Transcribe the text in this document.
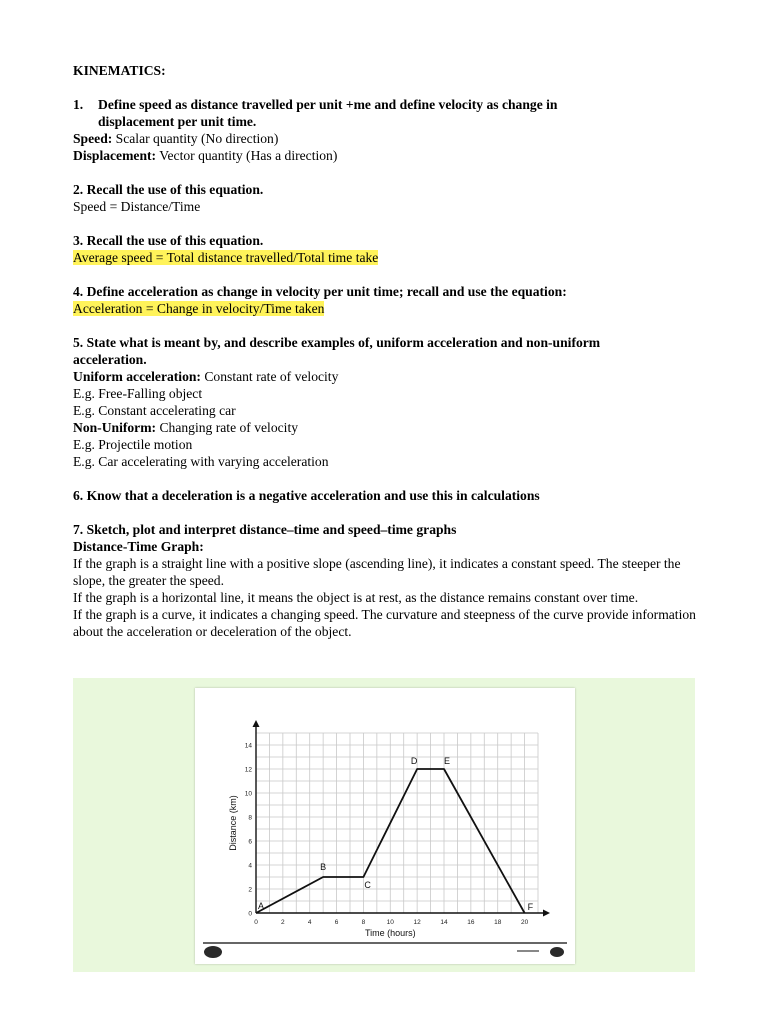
KINEMATICS:
1. Define speed as distance travelled per unit +me and define velocity as change in
displacement per unit time.
Speed: Scalar quantity (No direction)
Displacement: Vector quantity (Has a direction)
2. Recall the use of this equation.
Speed = Distance/Time
3. Recall the use of this equation.
Average speed = Total distance travelled/Total time take
4. Define acceleration as change in velocity per unit time; recall and use the equation:
Acceleration = Change in velocity/Time taken
5. State what is meant by, and describe examples of, uniform acceleration and non-uniform
acceleration.
Uniform acceleration: Constant rate of velocity
E.g. Free-Falling object
E.g. Constant accelerating car
Non-Uniform: Changing rate of velocity
E.g. Projectile motion
E.g. Car accelerating with varying acceleration
6. Know that a deceleration is a negative acceleration and use this in calculations
7. Sketch, plot and interpret distance–time and speed–time graphs
Distance-Time Graph:
If the graph is a straight line with a positive slope (ascending line), it indicates a constant speed. The steeper the slope, the greater the speed.
If the graph is a horizontal line, it means the object is at rest, as the distance remains constant over time.
If the graph is a curve, it indicates a changing speed. The curvature and steepness of the curve provide information about the acceleration or deceleration of the object.
0	2	4	6	8	10	12	14	16	18	20
0
2
4
6
8
10
12
14
Time (hours)
Distance (km)
A
B
C
D	E
F
